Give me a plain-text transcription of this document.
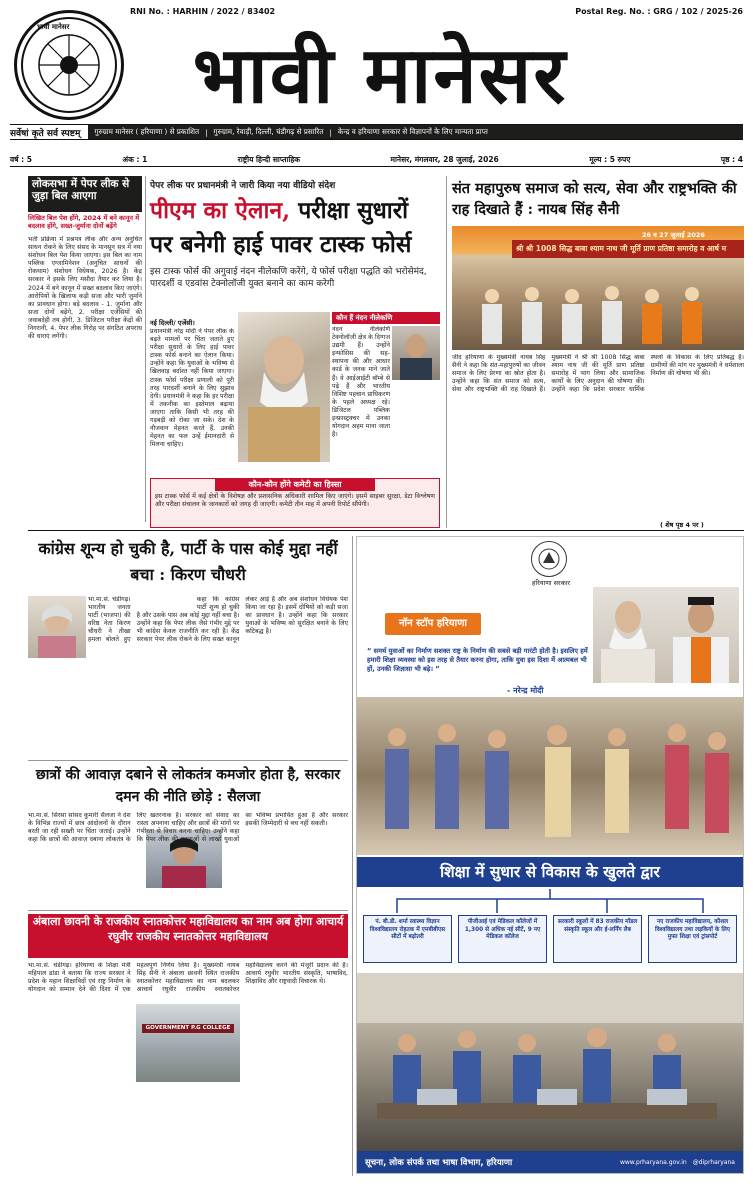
RNI No. : HARHIN / 2022 / 83402	Postal Reg. No. : GRG / 102 / 2025-26
भावी मानेसर
भावी मानेसर
सर्वेषां कृते सर्व स्पष्टम्	गुरुग्राम मानेसर ( हरियाणा ) से प्रकाशित | गुरुग्राम, रेवाड़ी, दिल्ली, चंडीगढ़ से प्रसारित | केन्द्र व हरियाणा सरकार से विज्ञापनों के लिए मान्यता प्राप्त
वर्ष : 5	अंक : 1	राष्ट्रीय हिन्दी साप्ताहिक	मानेसर, मंगलवार, 28 जुलाई, 2026	मूल्य : 5 रुपए	पृष्ठ : 4
लोकसभा में पेपर लीक से जुड़ा बिल आएगा
लिखित बिल पेश होंगे, 2024 में बने कानून में बदलाव होंगे, सख्त-जुर्माना दोनों बढ़ेंगे
भर्ती प्रक्रिया में प्रश्नपत्र लीक और अन्य अनुचित साधन रोकने के लिए संसद के मानसून सत्र में नया संशोधन बिल पेश किया जाएगा। इस बिल का नाम पब्लिक एग्जामिनेशन (अनुचित साधनों की रोकथाम) संशोधन विधेयक, 2026 है। केंद्र सरकार ने इसके लिए मसौदा तैयार कर लिया है। 2024 में बने कानून में सख्त बदलाव किए जाएंगे। आरोपियों के खिलाफ कड़ी सजा और भारी जुर्माने का प्रावधान होगा। बड़े बदलाव - 1. जुर्माना और सजा दोनों बढ़ेंगे, 2. परीक्षा एजेंसियों की जवाबदेही तय होगी, 3. डिजिटल परीक्षा केंद्रों की निगरानी, 4. पेपर लीक गिरोह पर संगठित अपराध की धाराएं लगेंगी।
पेपर लीक पर प्रधानमंत्री ने जारी किया नया वीडियो संदेश
पीएम का ऐलान, परीक्षा सुधारों
पर बनेगी हाई पावर टास्क फोर्स
इस टास्क फोर्स की अगुवाई नंदन नीलेकणि करेंगे, ये फोर्स परीक्षा पद्धति को भरोसेमंद, पारदर्शी व एडवांस टेक्नोलॉजी युक्त बनाने का काम करेगी
नई दिल्ली/ एजेंसी।
प्रधानमंत्री नरेंद्र मोदी ने पेपर लीक के बढ़ते मामलों पर चिंता जताते हुए परीक्षा सुधारों के लिए हाई पावर टास्क फोर्स बनाने का ऐलान किया। उन्होंने कहा कि युवाओं के भविष्य से खिलवाड़ बर्दाश्त नहीं किया जाएगा। टास्क फोर्स परीक्षा प्रणाली को पूरी तरह पारदर्शी बनाने के लिए सुझाव देगी। प्रधानमंत्री ने कहा कि हर परीक्षा में तकनीक का इस्तेमाल बढ़ाया जाएगा ताकि किसी भी तरह की गड़बड़ी को रोका जा सके। देश के नौजवान मेहनत करते हैं, उनकी मेहनत का फल उन्हें ईमानदारी से मिलना चाहिए।
कौन हैं नंदन नीलेकणि
नंदन नीलेकणि टेक्नोलॉजी क्षेत्र के दिग्गज उद्यमी हैं। उन्होंने इन्फोसिस की सह-स्थापना की और आधार कार्ड के जनक माने जाते हैं। वे आईआईटी बॉम्बे से पढ़े हैं और भारतीय विशिष्ट पहचान प्राधिकरण के पहले अध्यक्ष रहे। डिजिटल पब्लिक इन्फ्रास्ट्रक्चर में उनका योगदान अहम माना जाता है।
कौन-कौन होंगे कमेटी का हिस्सा
इस टास्क फोर्स में कई क्षेत्रों के विशेषज्ञ और प्रशासनिक अधिकारी शामिल किए जाएंगे। इसमें साइबर सुरक्षा, डेटा विश्लेषण और परीक्षा संचालन के जानकारों को जगह दी जाएगी। कमेटी तीन माह में अपनी रिपोर्ट सौंपेगी।
संत महापुरुष समाज को सत्य, सेवा और राष्ट्रभक्ति की राह दिखाते हैं : नायब सिंह सैनी
श्री श्री 1008 सिद्ध बाबा श्याम नाथ जी मूर्ति प्राण प्रतिष्ठा समारोह व आर्ष म
26 व 27 जुलाई 2026
जींद हरियाणा के मुख्यमंत्री नायब सिंह सैनी ने कहा कि संत-महापुरुषों का जीवन समाज के लिए प्रेरणा का स्रोत होता है। उन्होंने कहा कि संत समाज को सत्य, सेवा और राष्ट्रभक्ति की राह दिखाते हैं। मुख्यमंत्री ने श्री श्री 1008 सिद्ध बाबा श्याम नाथ जी की मूर्ति प्राण प्रतिष्ठा समारोह में भाग लिया और सामाजिक कार्यों के लिए अनुदान की घोषणा की। उन्होंने कहा कि प्रदेश सरकार धार्मिक स्थलों के विकास के लिए प्रतिबद्ध है। ग्रामीणों की मांग पर मुख्यमंत्री ने धर्मशाला निर्माण की घोषणा भी की।
( शेष पृष्ठ 4 पर )
कांग्रेस शून्य हो चुकी है, पार्टी के पास कोई मुद्दा नहीं बचा : किरण चौधरी
भा.मा.सं. चंडीगढ़। भारतीय जनता पार्टी (भाजपा) की वरिष्ठ नेता किरण चौधरी ने तीखा हमला बोलते हुए कहा कि कांग्रेस पार्टी शून्य हो चुकी है और उसके पास अब कोई मुद्दा नहीं बचा है। उन्होंने कहा कि पेपर लीक जैसे गंभीर मुद्दे पर भी कांग्रेस केवल राजनीति कर रही है। केंद्र सरकार पेपर लीक रोकने के लिए सख्त कानून लेकर आई है और अब संशोधन विधेयक पेश किया जा रहा है। इसमें दोषियों को कड़ी सजा का प्रावधान है। उन्होंने कहा कि सरकार युवाओं के भविष्य को सुरक्षित बनाने के लिए कटिबद्ध है।
छात्रों की आवाज़ दबाने से लोकतंत्र कमजोर होता है, सरकार दमन की नीति छोड़े : सैलजा
भा.मा.सं. सिरसा सांसद कुमारी सैलजा ने देश के विभिन्न राज्यों में छात्र आंदोलनों के दौरान बरती जा रही सख्ती पर चिंता जताई। उन्होंने कहा कि छात्रों की आवाज़ दबाना लोकतंत्र के लिए खतरनाक है। सरकार को संवाद का रास्ता अपनाना चाहिए और छात्रों की मांगों पर गंभीरता से विचार करना चाहिए। उन्होंने कहा कि पेपर लीक की घटनाओं से लाखों युवाओं का भविष्य प्रभावित हुआ है और सरकार इसकी जिम्मेदारी से बच नहीं सकती।
अंबाला छावनी के राजकीय स्नातकोत्तर महाविद्यालय का नाम अब होगा आचार्य रघुवीर राजकीय स्नातकोत्तर महाविद्यालय
GOVERNMENT P.G COLLEGE
भा.मा.सं. चंडीगढ़। हरियाणा के शिक्षा मंत्री महिपाल ढांडा ने बताया कि राज्य सरकार ने प्रदेश के महान शिक्षाविदों एवं राष्ट्र निर्माण के योगदान को सम्मान देने की दिशा में एक महत्वपूर्ण निर्णय लिया है। मुख्यमंत्री नायब सिंह सैनी ने अंबाला छावनी स्थित राजकीय स्नातकोत्तर महाविद्यालय का नाम बदलकर आचार्य रघुवीर राजकीय स्नातकोत्तर महाविद्यालय करने की मंजूरी प्रदान की है। आचार्य रघुवीर भारतीय संस्कृति, भाषाविद, शिक्षाविद और राष्ट्रवादी विचारक थे।
हरियाणा सरकार
नॉन स्टॉप हरियाणा
“ समर्थ युवाओं का निर्माण सशक्त राष्ट्र के निर्माण की सबसे बड़ी गारंटी होती है। इसलिए हमें हमारी शिक्षा व्यवस्था को इस तरह से तैयार करना होगा, ताकि युवा इस दिशा में आत्मबल भी हों, उनकी जिज्ञासा भी बढ़े। ”
- नरेन्द्र मोदी
शिक्षा में सुधार से विकास के खुलते द्वार
पं. बी.डी. शर्मा स्वास्थ्य विज्ञान विश्वविद्यालय रोहतक में एमबीबीएस सीटों में बढ़ोतरी
पीजीआई एवं मेडिकल कॉलेजों में 1,300 से अधिक नई सीटें, 9 नए मेडिकल कॉलेज
सरकारी स्कूलों में 83 राजकीय मॉडल संस्कृति स्कूल और ई-लर्निंग लैब
नए राजकीय महाविद्यालय, कौशल विश्वविद्यालय तथा लड़कियों के लिए मुफ्त शिक्षा एवं ट्रांसपोर्ट
सूचना, लोक संपर्क तथा भाषा विभाग, हरियाणा	www.prharyana.gov.in @diprharyana
